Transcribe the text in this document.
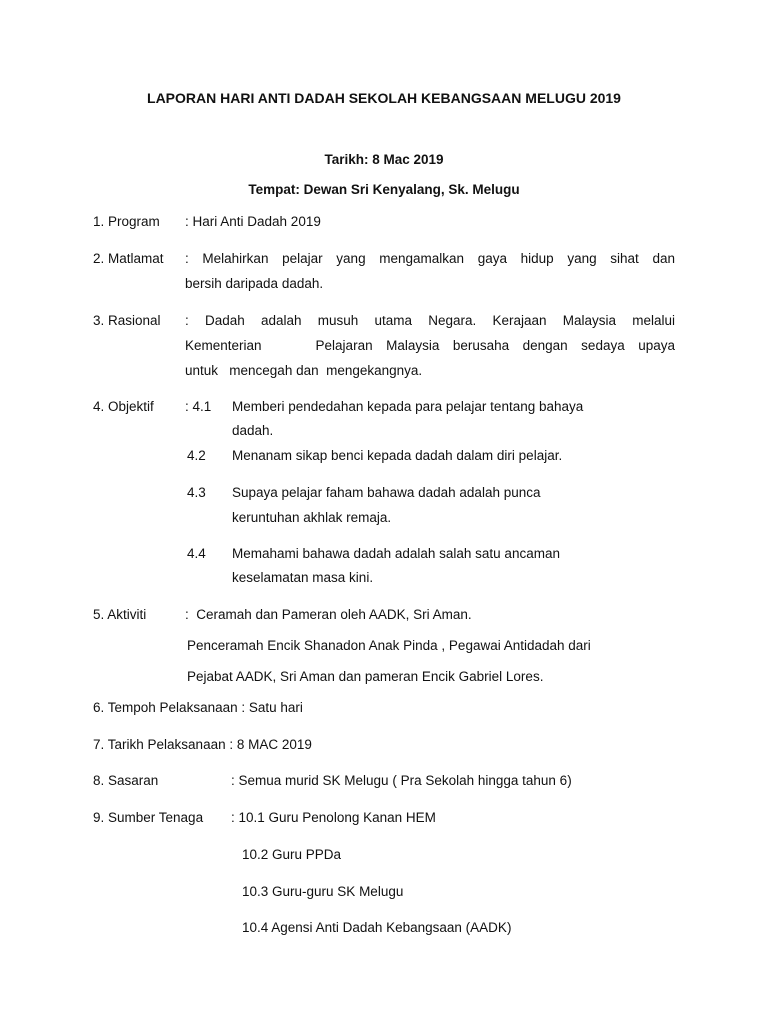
LAPORAN HARI ANTI DADAH SEKOLAH KEBANGSAAN MELUGU 2019
Tarikh: 8 Mac 2019
Tempat: Dewan Sri Kenyalang, Sk. Melugu
1. Program : Hari Anti Dadah 2019
2. Matlamat : Melahirkan pelajar yang mengamalkan gaya hidup yang sihat dan
bersih daripada dadah.
3. Rasional : Dadah adalah musuh utama Negara. Kerajaan Malaysia melalui
Kementerian    Pelajaran Malaysia berusaha dengan sedaya upaya
untuk   mencegah dan  mengekangnya.
4. Objektif : 4.1 Memberi pendedahan kepada para pelajar tentang bahaya
dadah.
4.2 Menanam sikap benci kepada dadah dalam diri pelajar.
4.3 Supaya pelajar faham bahawa dadah adalah punca
keruntuhan akhlak remaja.
4.4 Memahami bahawa dadah adalah salah satu ancaman
keselamatan masa kini.
5. Aktiviti	:  Ceramah dan Pameran oleh AADK, Sri Aman.
Penceramah Encik Shanadon Anak Pinda , Pegawai Antidadah dari
Pejabat AADK, Sri Aman dan pameran Encik Gabriel Lores.
6. Tempoh Pelaksanaan : Satu hari
7. Tarikh Pelaksanaan : 8 MAC 2019
8. Sasaran	: Semua murid SK Melugu ( Pra Sekolah hingga tahun 6)
9. Sumber Tenaga : 10.1 Guru Penolong Kanan HEM
10.2 Guru PPDa
10.3 Guru-guru SK Melugu
10.4 Agensi Anti Dadah Kebangsaan (AADK)
